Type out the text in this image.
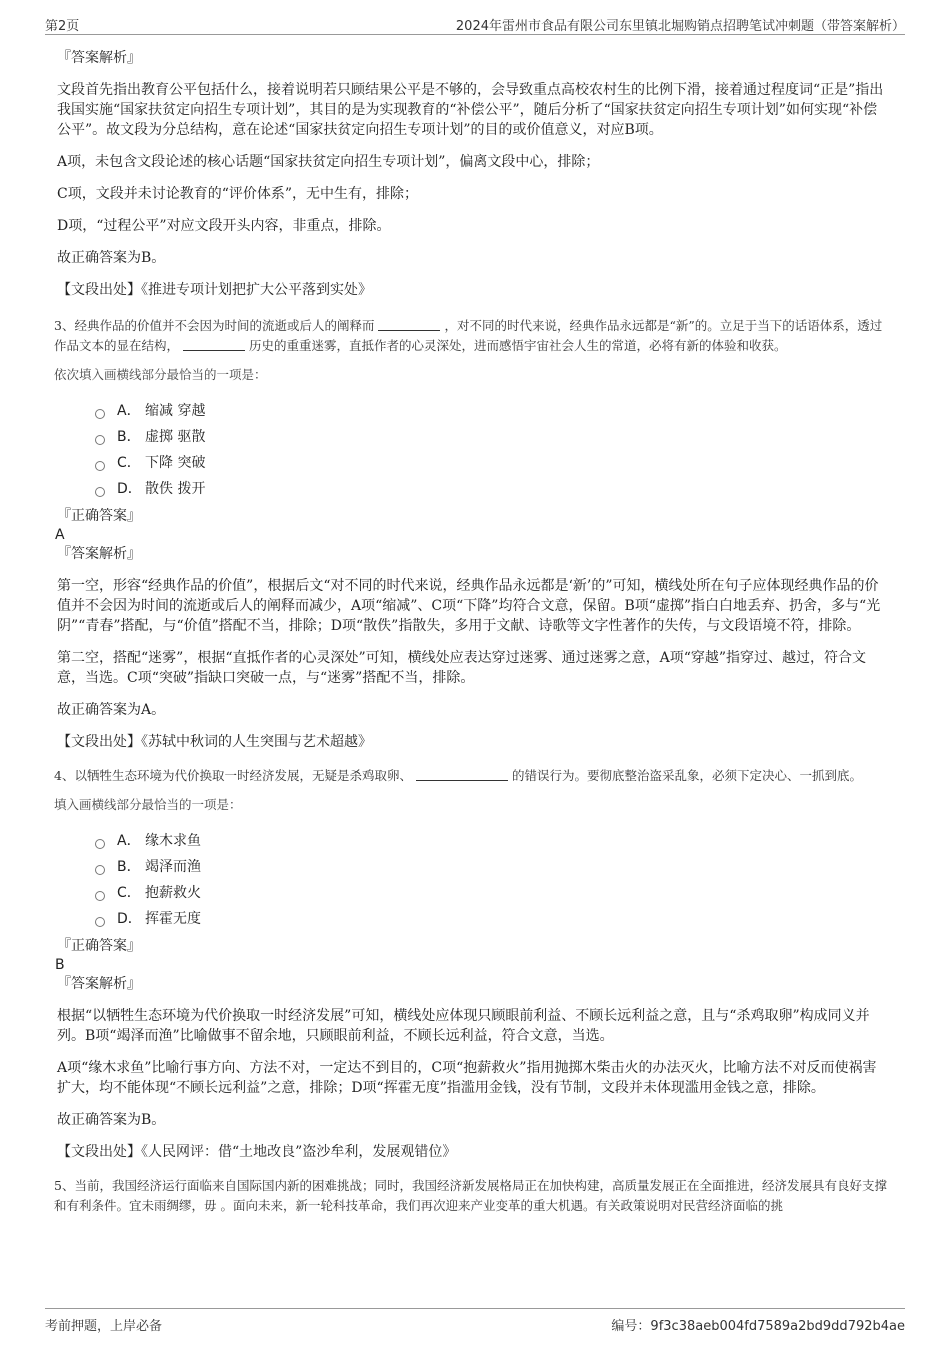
第2页	2024年雷州市食品有限公司东里镇北堀购销点招聘笔试冲刺题（带答案解析）

『答案解析』

文段首先指出教育公平包括什么，接着说明若只顾结果公平是不够的，会导致重点高校农村生的比例下滑，接着通过程度词“正是”指出我国实施“国家扶贫定向招生专项计划”，其目的是为实现教育的“补偿公平”，随后分析了“国家扶贫定向招生专项计划”如何实现“补偿公平”。故文段为分总结构，意在论述“国家扶贫定向招生专项计划”的目的或价值意义，对应B项。

A项，未包含文段论述的核心话题“国家扶贫定向招生专项计划”，偏离文段中心，排除；

C项，文段并未讨论教育的“评价体系”，无中生有，排除；

D项，“过程公平”对应文段开头内容，非重点，排除。

故正确答案为B。

【文段出处】《推进专项计划把扩大公平落到实处》

3、经典作品的价值并不会因为时间的流逝或后人的阐释而	，对不同的时代来说，经典作品永远都是“新”的。立足于当下的话语体系，透过作品文本的显在结构，	历史的重重迷雾，直抵作者的心灵深处，进而感悟宇宙社会人生的常道，必将有新的体验和收获。

依次填入画横线部分最恰当的一项是：

A． 缩减 穿越
B． 虚掷 驱散
C． 下降 突破
D． 散佚 拨开

『正确答案』

A

『答案解析』

第一空，形容“经典作品的价值”，根据后文“对不同的时代来说，经典作品永远都是‘新’的”可知，横线处所在句子应体现经典作品的价值并不会因为时间的流逝或后人的阐释而减少，A项“缩减”、C项“下降”均符合文意，保留。B项“虚掷”指白白地丢弃、扔舍，多与“光阴”“青春”搭配，与“价值”搭配不当，排除；D项“散佚”指散失，多用于文献、诗歌等文字性著作的失传，与文段语境不符，排除。

第二空，搭配“迷雾”，根据“直抵作者的心灵深处”可知，横线处应表达穿过迷雾、通过迷雾之意，A项“穿越”指穿过、越过，符合文意，当选。C项“突破”指缺口突破一点，与“迷雾”搭配不当，排除。

故正确答案为A。

【文段出处】《苏轼中秋词的人生突围与艺术超越》

4、以牺牲生态环境为代价换取一时经济发展，无疑是杀鸡取卵、	的错误行为。要彻底整治盗采乱象，必须下定决心、一抓到底。

填入画横线部分最恰当的一项是：

A． 缘木求鱼
B． 竭泽而渔
C． 抱薪救火
D． 挥霍无度

『正确答案』

B

『答案解析』

根据“以牺牲生态环境为代价换取一时经济发展”可知，横线处应体现只顾眼前利益、不顾长远利益之意，且与“杀鸡取卵”构成同义并列。B项“竭泽而渔”比喻做事不留余地，只顾眼前利益，不顾长远利益，符合文意，当选。

A项“缘木求鱼”比喻行事方向、方法不对，一定达不到目的，C项“抱薪救火”指用抛掷木柴击火的办法灭火，比喻方法不对反而使祸害扩大，均不能体现“不顾长远利益”之意，排除；D项“挥霍无度”指滥用金钱，没有节制，文段并未体现滥用金钱之意，排除。

故正确答案为B。

【文段出处】《人民网评：借“土地改良”盗沙牟利，发展观错位》

5、当前，我国经济运行面临来自国际国内新的困难挑战；同时，我国经济新发展格局正在加快构建，高质量发展正在全面推进，经济发展具有良好支撑和有利条件。宜未雨绸缪，毋 。面向未来，新一轮科技革命，我们再次迎来产业变革的重大机遇。有关政策说明对民营经济面临的挑

考前押题，上岸必备	编号：9f3c38aeb004fd7589a2bd9dd792b4ae
